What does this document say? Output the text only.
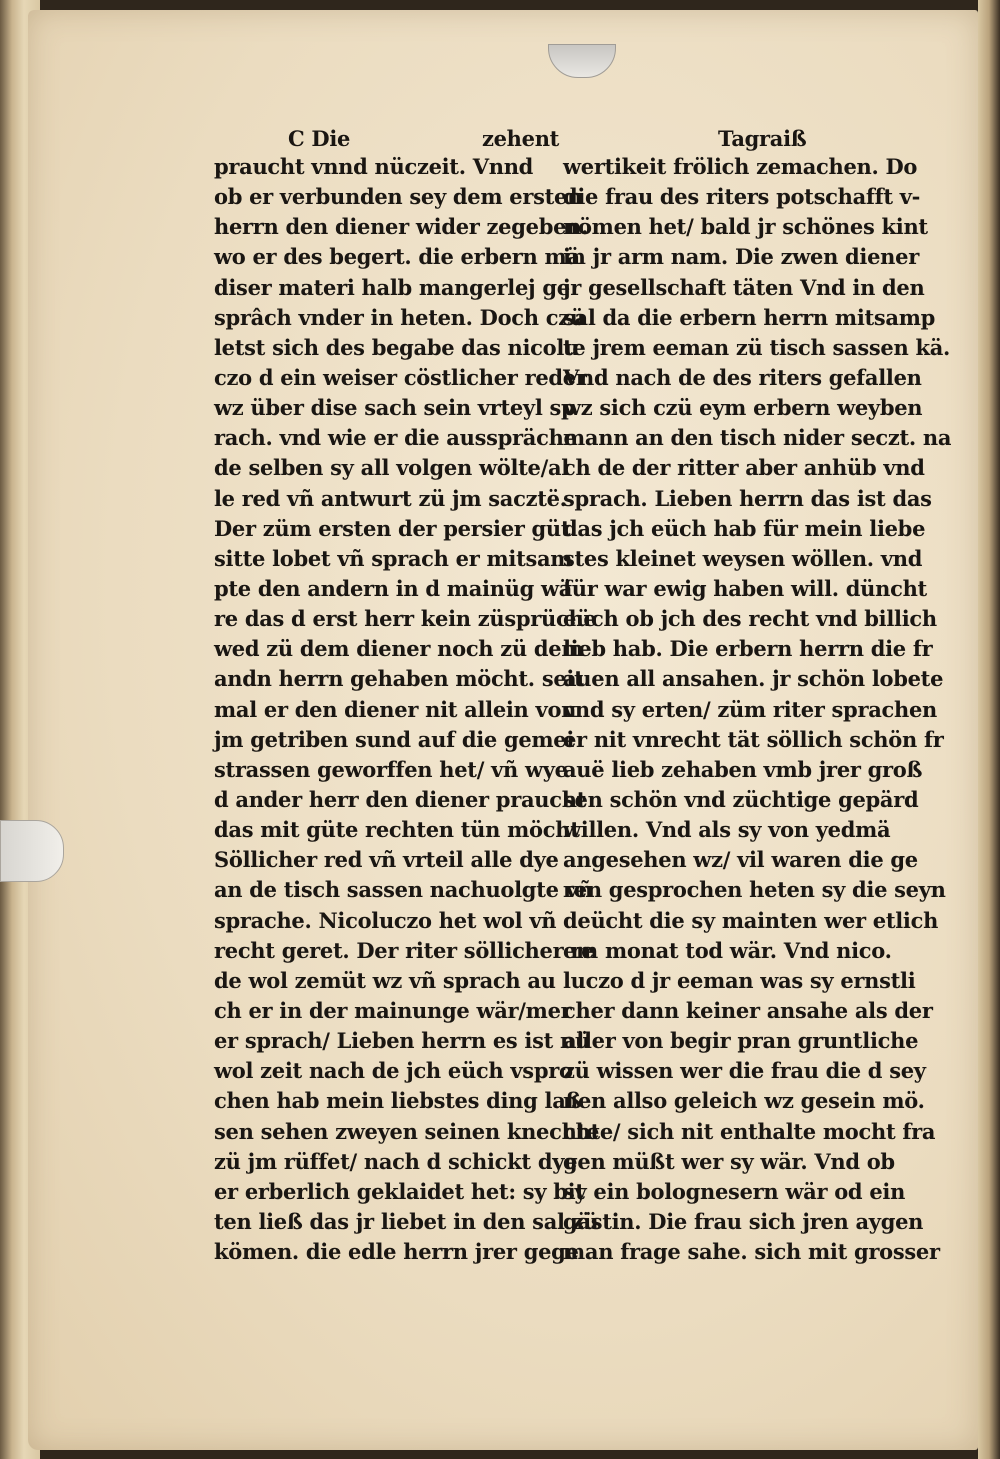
C Die	zehent	Tagraiß
praucht vnnd nüczeit. Vnnd
ob er verbunden sey dem ersten
herrn den diener wider zegeben.
wo er des begert. die erbern mä
diser materi halb mangerlej ge
sprâch vnder in heten. Doch czü
letst sich des begabe das nicolu
czo d ein weiser cöstlicher reder
wz über dise sach sein vrteyl sp
rach. vnd wie er die ausspräche
de selben sy all volgen wölte/al
le red vñ antwurt zü jm sacztë.
Der züm ersten der persier güt
sitte lobet vñ sprach er mitsam
pte den andern in d mainüg wä
re das d erst herr kein züsprüche
wed zü dem diener noch zü dem
andn herrn gehaben möcht. seit
mal er den diener nit allein von
jm getriben sund auf die gemei
strassen geworffen het/ vñ wye
d ander herr den diener praucht
das mit güte rechten tün möcht
Söllicher red vñ vrteil alle dye
an de tisch sassen nachuolgte vñ
sprache. Nicoluczo het wol vñ
recht geret. Der riter söllicher re
de wol zemüt wz vñ sprach au
ch er in der mainunge wär/mer
er sprach/ Lieben herrn es ist nü
wol zeit nach de jch eüch vspro
chen hab mein liebstes ding laß
sen sehen zweyen seinen knechte
zü jm rüffet/ nach d schickt dye
er erberlich geklaidet het: sy bit
ten ließ das jr liebet in den sal zü
kömen. die edle herrn jrer gege
wertikeit frölich zemachen. Do
die frau des riters potschafft v-
nömen het/ bald jr schönes kint
in jr arm nam. Die zwen diener
jr gesellschaft täten Vnd in den
sal da die erbern herrn mitsamp
te jrem eeman zü tisch sassen kä.
Vnd nach de des riters gefallen
wz sich czü eym erbern weyben
mann an den tisch nider seczt. na
ch de der ritter aber anhüb vnd
sprach. Lieben herrn das ist das
das jch eüch hab für mein liebe
stes kleinet weysen wöllen. vnd
für war ewig haben will. düncht
eüch ob jch des recht vnd billich
lieb hab. Die erbern herrn die fr
auen all ansahen. jr schön lobete
vnd sy erten/ züm riter sprachen
er nit vnrecht tät söllich schön fr
auë lieb zehaben vmb jrer groß
sen schön vnd züchtige gepärd
willen. Vnd als sy von yedmä
angesehen wz/ vil waren die ge
ren gesprochen heten sy die seyn
deücht die sy mainten wer etlich
em monat tod wär. Vnd nico.
luczo d jr eeman was sy ernstli
cher dann keiner ansahe als der
aller von begir pran gruntliche
zü wissen wer die frau die d sey
nen allso geleich wz gesein mö.
chte/ sich nit enthalte mocht fra
gen müßt wer sy wär. Vnd ob
sy ein bolognesern wär od ein
gästin. Die frau sich jren aygen
man frage sahe. sich mit grosser
